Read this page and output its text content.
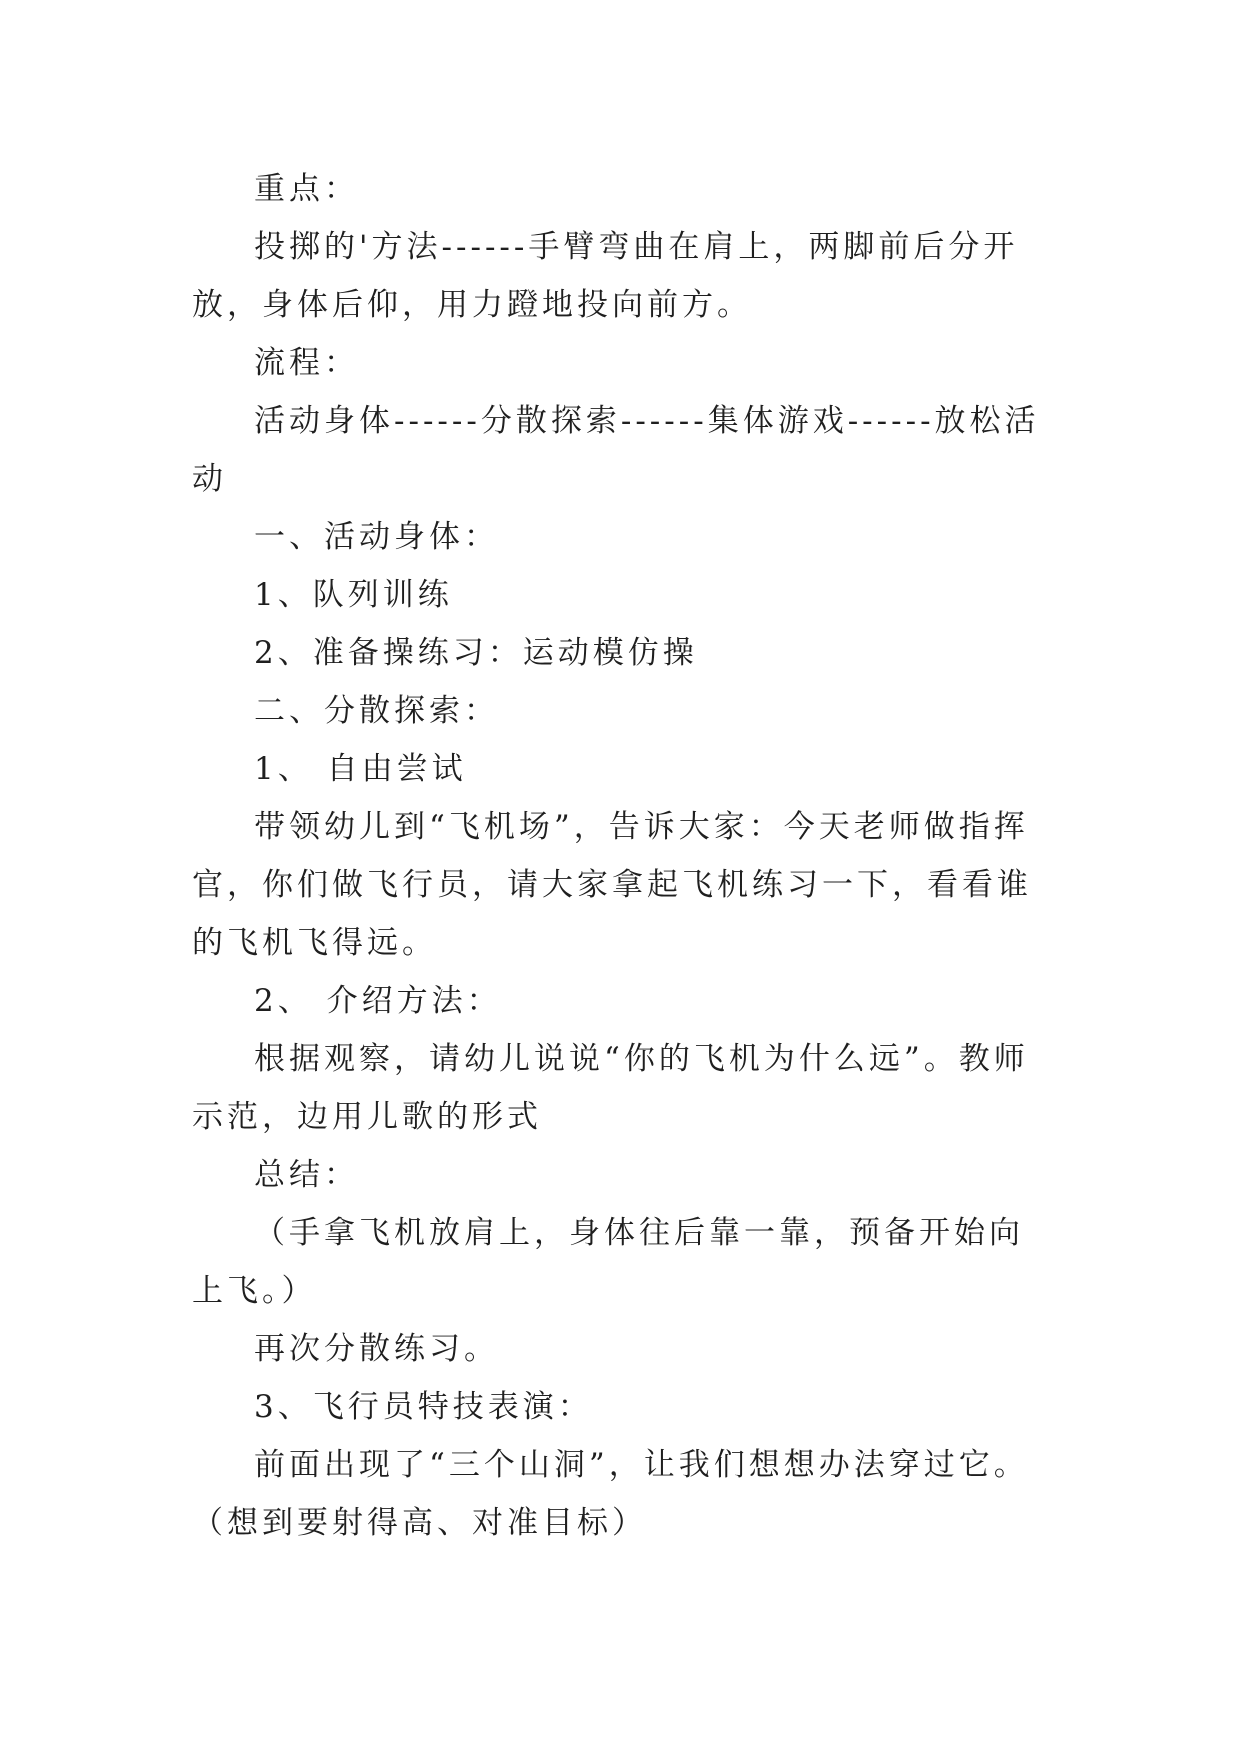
重点：

投掷的'方法------手臂弯曲在肩上，两脚前后分开放，身体后仰，用力蹬地投向前方。

流程：

活动身体------分散探索------集体游戏------放松活动

一、活动身体：

1、队列训练

2、准备操练习：运动模仿操

二、分散探索：

1、 自由尝试

带领幼儿到“飞机场”，告诉大家：今天老师做指挥官，你们做飞行员，请大家拿起飞机练习一下，看看谁的飞机飞得远。

2、 介绍方法：

根据观察，请幼儿说说“你的飞机为什么远”。教师示范，边用儿歌的形式

总结：

（手拿飞机放肩上，身体往后靠一靠，预备开始向上飞。）

再次分散练习。

3、飞行员特技表演：

前面出现了“三个山洞”，让我们想想办法穿过它。（想到要射得高、对准目标）
